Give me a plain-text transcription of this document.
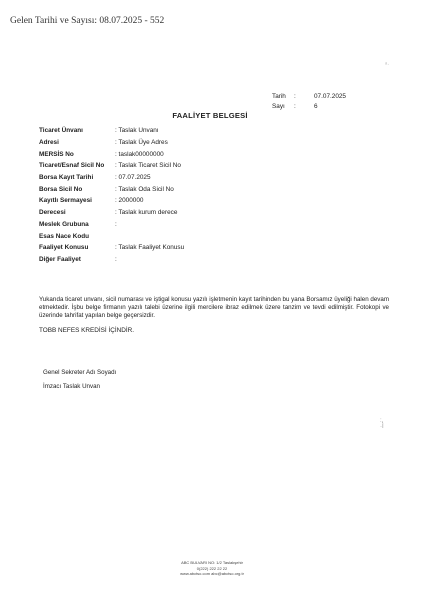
Gelen Tarihi ve Sayısı: 08.07.2025 - 552
ᵃ·
Tarih	:	07.07.2025
Sayı	:	6
FAALİYET BELGESİ
Ticaret Ünvanı	: Taslak Unvanı
Adresi	: Taslak Üye Adres
MERSİS No	: taslak00000000
Ticaret/Esnaf Sicil No	: Taslak Ticaret Sicil No
Borsa Kayıt Tarihi	: 07.07.2025
Borsa Sicil No	: Taslak Oda Sicil No
Kayıtlı Sermayesi	: 2000000
Derecesi	: Taslak kurum derece
Meslek Grubuna	:
Esas Nace Kodu
Faaliyet Konusu	: Taslak Faaliyet Konusu
Diğer Faaliyet	:
Yukarıda ticaret unvanı, sicil numarası ve iştigal konusu yazılı işletmenin kayıt tarihinden bu yana Borsamız üyeliği halen devam etmektedir. İşbu belge firmanın yazılı talebi üzerine ilgili mercilere ibraz edilmek üzere tanzim ve tevdi edilmiştir. Fotokopi ve üzerinde tahrifat yapılan belge geçersizdir.
TOBB NEFES KREDİSİ İÇİNDİR.
Genel Sekreter Adı Soyadı
İmzacı Taslak Unvan
:‚
·Ì
ABC BULVARI NO: 1/2 Taslakşehir
0(222) 222 22 22
www.abctso.com abc@abctso.org.tr
